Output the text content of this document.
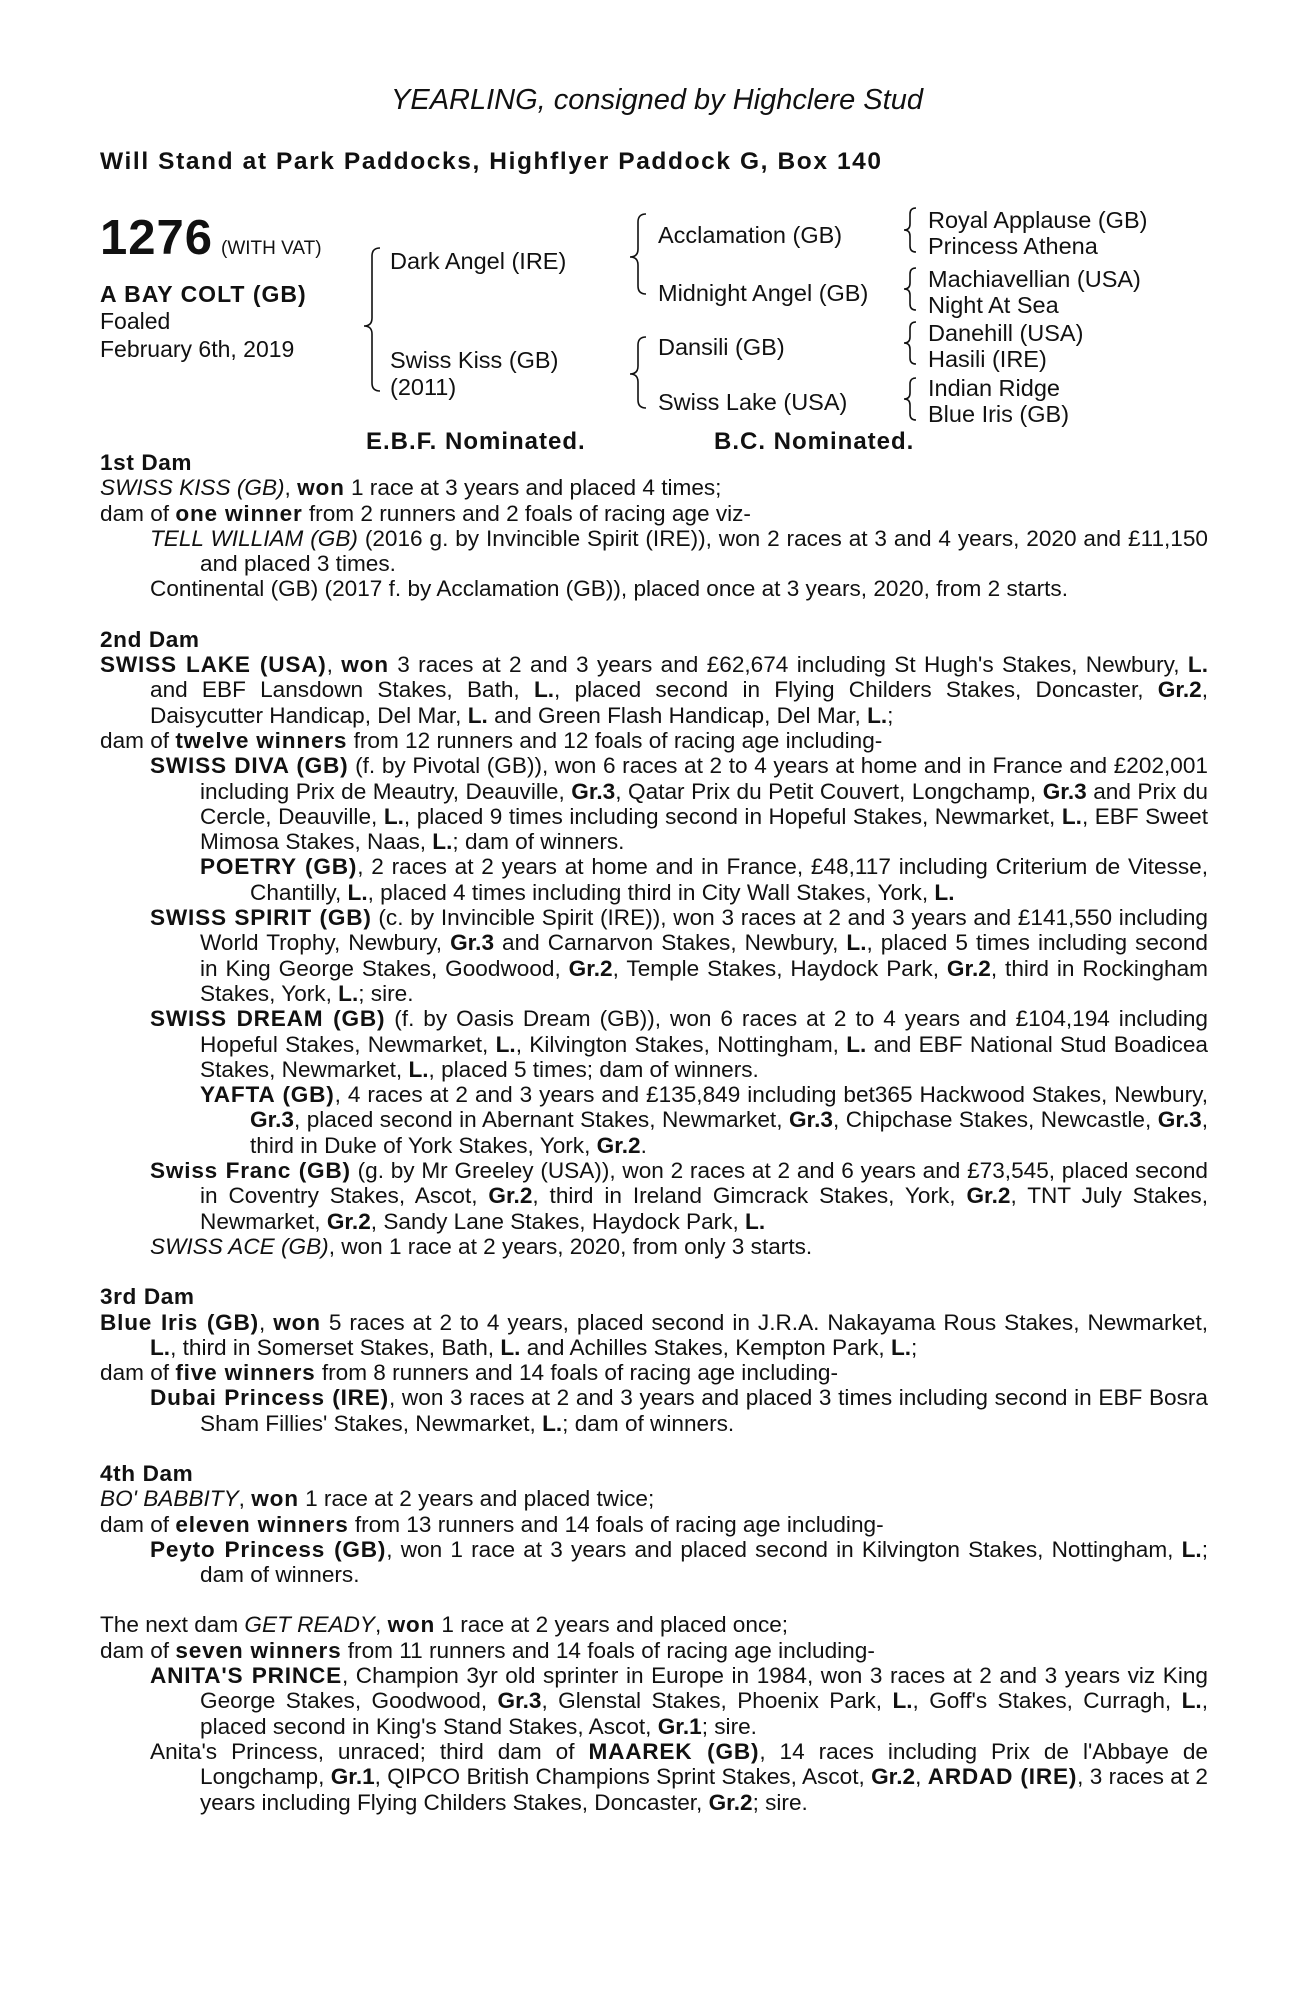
YEARLING, consigned by Highclere Stud
Will Stand at Park Paddocks, Highflyer Paddock G, Box 140
1276 (WITH VAT)
A BAY COLT (GB)
Foaled
February 6th, 2019
Dark Angel (IRE)
Swiss Kiss (GB)
(2011)
Acclamation (GB)
Midnight Angel (GB)
Dansili (GB)
Swiss Lake (USA)
Royal Applause (GB)
Princess Athena
Machiavellian (USA)
Night At Sea
Danehill (USA)
Hasili (IRE)
Indian Ridge
Blue Iris (GB)
E.B.F. Nominated.	B.C. Nominated.
1st Dam
SWISS KISS (GB), won 1 race at 3 years and placed 4 times;
dam of one winner from 2 runners and 2 foals of racing age viz-
TELL WILLIAM (GB) (2016 g. by Invincible Spirit (IRE)), won 2 races at 3 and 4 years, 2020 and £11,150 and placed 3 times.
Continental (GB) (2017 f. by Acclamation (GB)), placed once at 3 years, 2020, from 2 starts.
2nd Dam
SWISS LAKE (USA), won 3 races at 2 and 3 years and £62,674 including St Hugh's Stakes, Newbury, L. and EBF Lansdown Stakes, Bath, L., placed second in Flying Childers Stakes, Doncaster, Gr.2, Daisycutter Handicap, Del Mar, L. and Green Flash Handicap, Del Mar, L.;
dam of twelve winners from 12 runners and 12 foals of racing age including-
SWISS DIVA (GB) (f. by Pivotal (GB)), won 6 races at 2 to 4 years at home and in France and £202,001 including Prix de Meautry, Deauville, Gr.3, Qatar Prix du Petit Couvert, Longchamp, Gr.3 and Prix du Cercle, Deauville, L., placed 9 times including second in Hopeful Stakes, Newmarket, L., EBF Sweet Mimosa Stakes, Naas, L.; dam of winners.
POETRY (GB), 2 races at 2 years at home and in France, £48,117 including Criterium de Vitesse, Chantilly, L., placed 4 times including third in City Wall Stakes, York, L.
SWISS SPIRIT (GB) (c. by Invincible Spirit (IRE)), won 3 races at 2 and 3 years and £141,550 including World Trophy, Newbury, Gr.3 and Carnarvon Stakes, Newbury, L., placed 5 times including second in King George Stakes, Goodwood, Gr.2, Temple Stakes, Haydock Park, Gr.2, third in Rockingham Stakes, York, L.; sire.
SWISS DREAM (GB) (f. by Oasis Dream (GB)), won 6 races at 2 to 4 years and £104,194 including Hopeful Stakes, Newmarket, L., Kilvington Stakes, Nottingham, L. and EBF National Stud Boadicea Stakes, Newmarket, L., placed 5 times; dam of winners.
YAFTA (GB), 4 races at 2 and 3 years and £135,849 including bet365 Hackwood Stakes, Newbury, Gr.3, placed second in Abernant Stakes, Newmarket, Gr.3, Chipchase Stakes, Newcastle, Gr.3, third in Duke of York Stakes, York, Gr.2.
Swiss Franc (GB) (g. by Mr Greeley (USA)), won 2 races at 2 and 6 years and £73,545, placed second in Coventry Stakes, Ascot, Gr.2, third in Ireland Gimcrack Stakes, York, Gr.2, TNT July Stakes, Newmarket, Gr.2, Sandy Lane Stakes, Haydock Park, L.
SWISS ACE (GB), won 1 race at 2 years, 2020, from only 3 starts.
3rd Dam
Blue Iris (GB), won 5 races at 2 to 4 years, placed second in J.R.A. Nakayama Rous Stakes, Newmarket, L., third in Somerset Stakes, Bath, L. and Achilles Stakes, Kempton Park, L.;
dam of five winners from 8 runners and 14 foals of racing age including-
Dubai Princess (IRE), won 3 races at 2 and 3 years and placed 3 times including second in EBF Bosra Sham Fillies' Stakes, Newmarket, L.; dam of winners.
4th Dam
BO' BABBITY, won 1 race at 2 years and placed twice;
dam of eleven winners from 13 runners and 14 foals of racing age including-
Peyto Princess (GB), won 1 race at 3 years and placed second in Kilvington Stakes, Nottingham, L.; dam of winners.
The next dam GET READY, won 1 race at 2 years and placed once;
dam of seven winners from 11 runners and 14 foals of racing age including-
ANITA'S PRINCE, Champion 3yr old sprinter in Europe in 1984, won 3 races at 2 and 3 years viz King George Stakes, Goodwood, Gr.3, Glenstal Stakes, Phoenix Park, L., Goff's Stakes, Curragh, L., placed second in King's Stand Stakes, Ascot, Gr.1; sire.
Anita's Princess, unraced; third dam of MAAREK (GB), 14 races including Prix de l'Abbaye de Longchamp, Gr.1, QIPCO British Champions Sprint Stakes, Ascot, Gr.2, ARDAD (IRE), 3 races at 2 years including Flying Childers Stakes, Doncaster, Gr.2; sire.
